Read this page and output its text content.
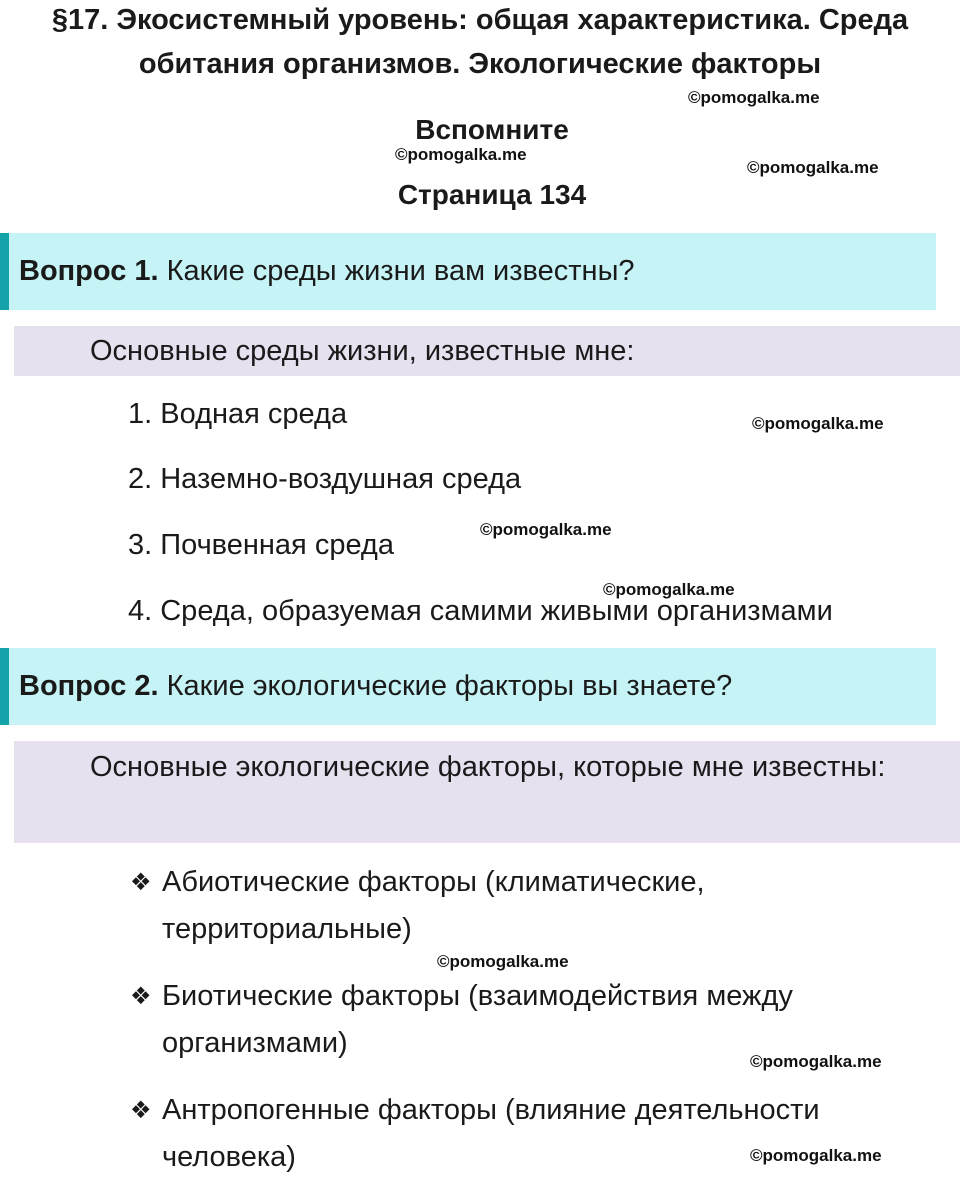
§17. Экосистемный уровень: общая характеристика. Среда
обитания организмов. Экологические факторы
Вспомните
Страница 134
©pomogalka.me
©pomogalka.me
©pomogalka.me
©pomogalka.me
©pomogalka.me
©pomogalka.me
©pomogalka.me
©pomogalka.me
©pomogalka.me
Вопрос 1.
Какие среды жизни вам известны?
Основные среды жизни, известные мне:
1. Водная среда
2. Наземно-воздушная среда
3. Почвенная среда
4. Среда, образуемая самими живыми организмами
Вопрос 2.
Какие экологические факторы вы знаете?
Основные экологические факторы, которые мне известны:
❖ Абиотические факторы (климатические,
территориальные)
❖ Биотические факторы (взаимодействия между
организмами)
❖ Антропогенные факторы (влияние деятельности
человека)
